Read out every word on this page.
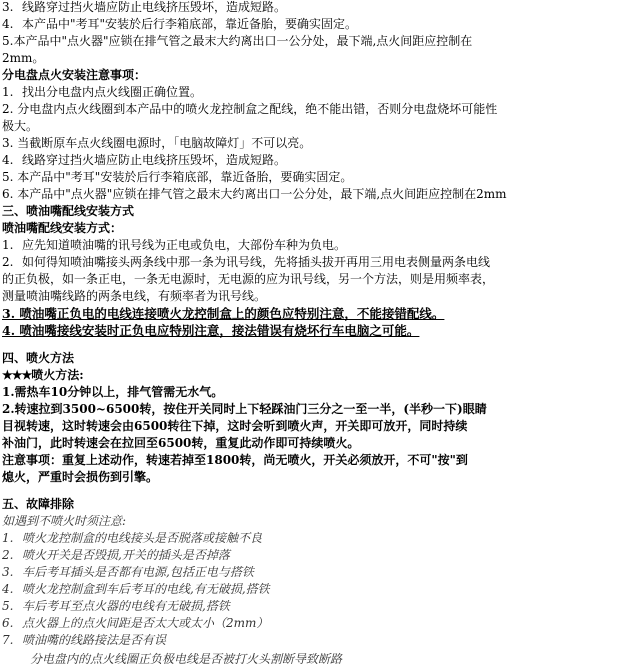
3. 线路穿过挡火墙应防止电线挤压毁坏，造成短路。
4. 本产品中"考耳"安装於后行李箱底部，靠近备胎，要确实固定。
5.本产品中"点火器"应锁在排气管之最末大约离出口一公分处，最下端,点火间距应控制在
2mm。
分电盘点火安装注意事项：
1. 找出分电盘内点火线圈正确位置。
2. 分电盘内点火线圈到本产品中的喷火龙控制盒之配线，绝不能出错，否则分电盘烧坏可能性
极大。
3. 当截断原车点火线圈电源时，「电脑故障灯」不可以亮。
4. 线路穿过挡火墙应防止电线挤压毁坏，造成短路。
5. 本产品中"考耳"安装於后行李箱底部，靠近备胎，要确实固定。
6. 本产品中"点火器"应锁在排气管之最末大约离出口一公分处，最下端,点火间距应控制在2mm
三、喷油嘴配线安装方式
喷油嘴配线安装方式：
1. 应先知道喷油嘴的讯号线为正电或负电，大部份车种为负电。
2. 如何得知喷油嘴接头两条线中那一条为讯号线，先将插头拔开再用三用电表侧量两条电线
的正负极，如一条正电，一条无电源时，无电源的应为讯号线，另一个方法，则是用频率表，
测量喷油嘴线路的两条电线，有频率者为讯号线。
3. 喷油嘴正负电的电线连接喷火龙控制盒上的颜色应特别注意，不能接错配线。
4. 喷油嘴接线安装时正负电应特别注意，接法错误有烧坏行车电脑之可能。
四、喷火方法
★★★喷火方法:
1.需热车10分钟以上，排气管需无水气。
2.转速拉到3500~6500转，按住开关同时上下轻踩油门三分之一至一半，(半秒一下)眼睛
目视转速，这时转速会由6500转往下掉，这时会听到喷火声，开关即可放开，同时持续
补油门，此时转速会在拉回至6500转，重复此动作即可持续喷火。
注意事项：重复上述动作，转速若掉至1800转，尚无喷火，开关必须放开，不可"按"到
熄火，严重时会损伤到引擎。
五、故障排除
如遇到不喷火时须注意:
1. 喷火龙控制盒的电线接头是否脱落或接触不良
2. 喷火开关是否毁损,开关的插头是否掉落
3. 车后考耳插头是否都有电源,包括正电与搭铁
4. 喷火龙控制盒到车后考耳的电线,有无破损,搭铁
5. 车后考耳至点火器的电线有无破损,搭铁
6. 点火器上的点火间距是否太大或太小（2mm）
7. 喷油嘴的线路接法是否有误
分电盘内的点火线圈正负极电线是否被打火头割断导致断路
